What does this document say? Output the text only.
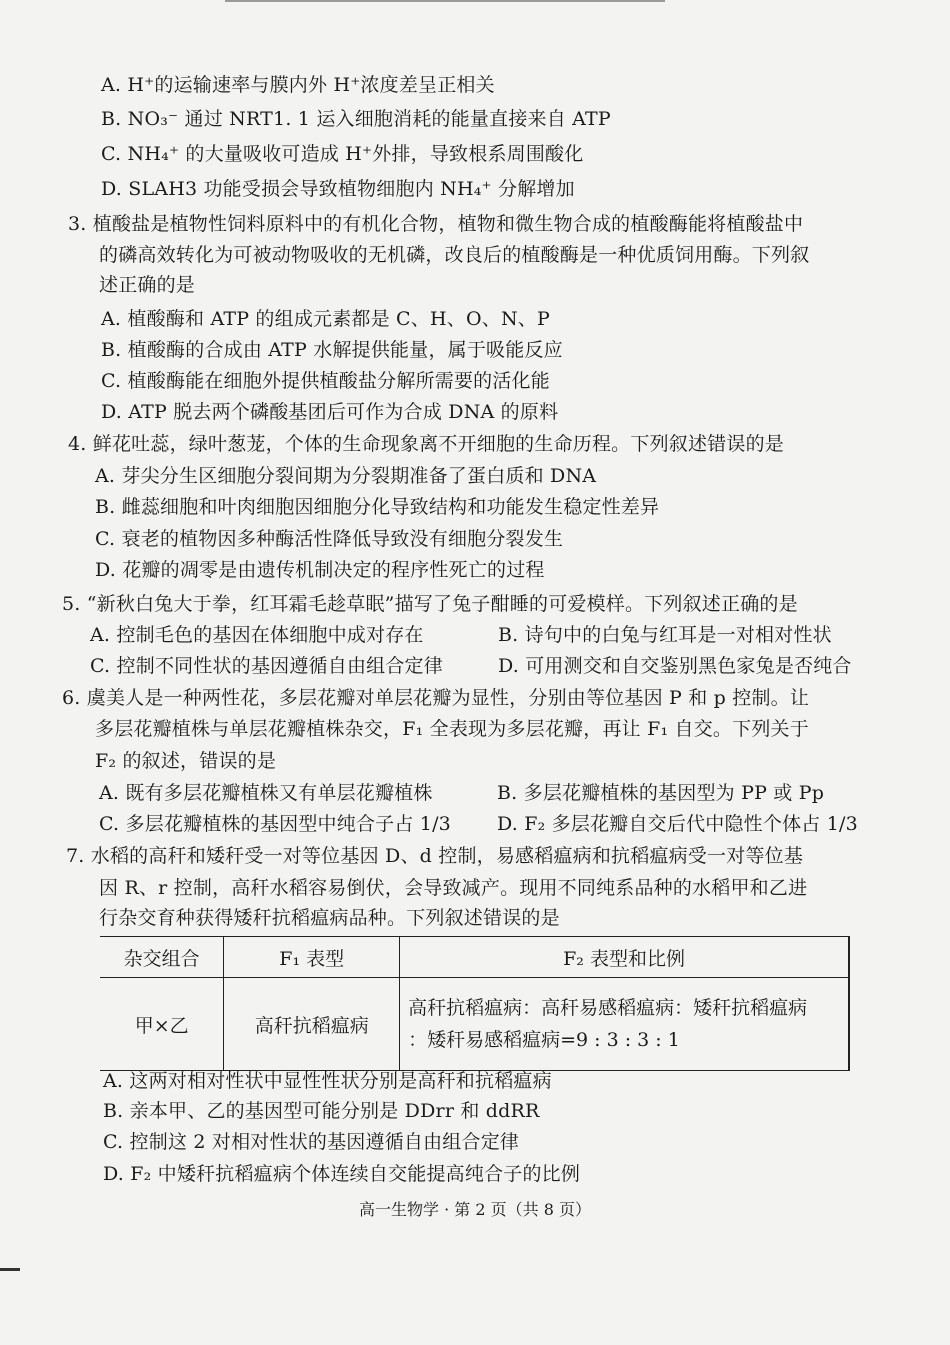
A. H⁺的运输速率与膜内外 H⁺浓度差呈正相关
B. NO₃⁻ 通过 NRT1. 1 运入细胞消耗的能量直接来自 ATP
C. NH₄⁺ 的大量吸收可造成 H⁺外排，导致根系周围酸化
D. SLAH3 功能受损会导致植物细胞内 NH₄⁺ 分解增加
3. 植酸盐是植物性饲料原料中的有机化合物，植物和微生物合成的植酸酶能将植酸盐中
的磷高效转化为可被动物吸收的无机磷，改良后的植酸酶是一种优质饲用酶。下列叙
述正确的是
A. 植酸酶和 ATP 的组成元素都是 C、H、O、N、P
B. 植酸酶的合成由 ATP 水解提供能量，属于吸能反应
C. 植酸酶能在细胞外提供植酸盐分解所需要的活化能
D. ATP 脱去两个磷酸基团后可作为合成 DNA 的原料
4. 鲜花吐蕊，绿叶葱茏，个体的生命现象离不开细胞的生命历程。下列叙述错误的是
A. 芽尖分生区细胞分裂间期为分裂期准备了蛋白质和 DNA
B. 雌蕊细胞和叶肉细胞因细胞分化导致结构和功能发生稳定性差异
C. 衰老的植物因多种酶活性降低导致没有细胞分裂发生
D. 花瓣的凋零是由遗传机制决定的程序性死亡的过程
5. “新秋白兔大于拳，红耳霜毛趁草眠”描写了兔子酣睡的可爱模样。下列叙述正确的是
A. 控制毛色的基因在体细胞中成对存在	B. 诗句中的白兔与红耳是一对相对性状
C. 控制不同性状的基因遵循自由组合定律	D. 可用测交和自交鉴别黑色家兔是否纯合
6. 虞美人是一种两性花，多层花瓣对单层花瓣为显性，分别由等位基因 P 和 p 控制。让
多层花瓣植株与单层花瓣植株杂交，F₁ 全表现为多层花瓣，再让 F₁ 自交。下列关于
F₂ 的叙述，错误的是
A. 既有多层花瓣植株又有单层花瓣植株	B. 多层花瓣植株的基因型为 PP 或 Pp
C. 多层花瓣植株的基因型中纯合子占 1/3 D. F₂ 多层花瓣自交后代中隐性个体占 1/3
7. 水稻的高秆和矮秆受一对等位基因 D、d 控制，易感稻瘟病和抗稻瘟病受一对等位基
因 R、r 控制，高秆水稻容易倒伏，会导致减产。现用不同纯系品种的水稻甲和乙进
行杂交育种获得矮秆抗稻瘟病品种。下列叙述错误的是
杂交组合	F₁ 表型	F₂ 表型和比例
甲×乙	高秆抗稻瘟病	高秆抗稻瘟病：高秆易感稻瘟病：矮秆抗稻瘟病
：矮秆易感稻瘟病=9 : 3 : 3 : 1
A. 这两对相对性状中显性性状分别是高秆和抗稻瘟病
B. 亲本甲、乙的基因型可能分别是 DDrr 和 ddRR
C. 控制这 2 对相对性状的基因遵循自由组合定律
D. F₂ 中矮秆抗稻瘟病个体连续自交能提高纯合子的比例
高一生物学 · 第 2 页（共 8 页）
